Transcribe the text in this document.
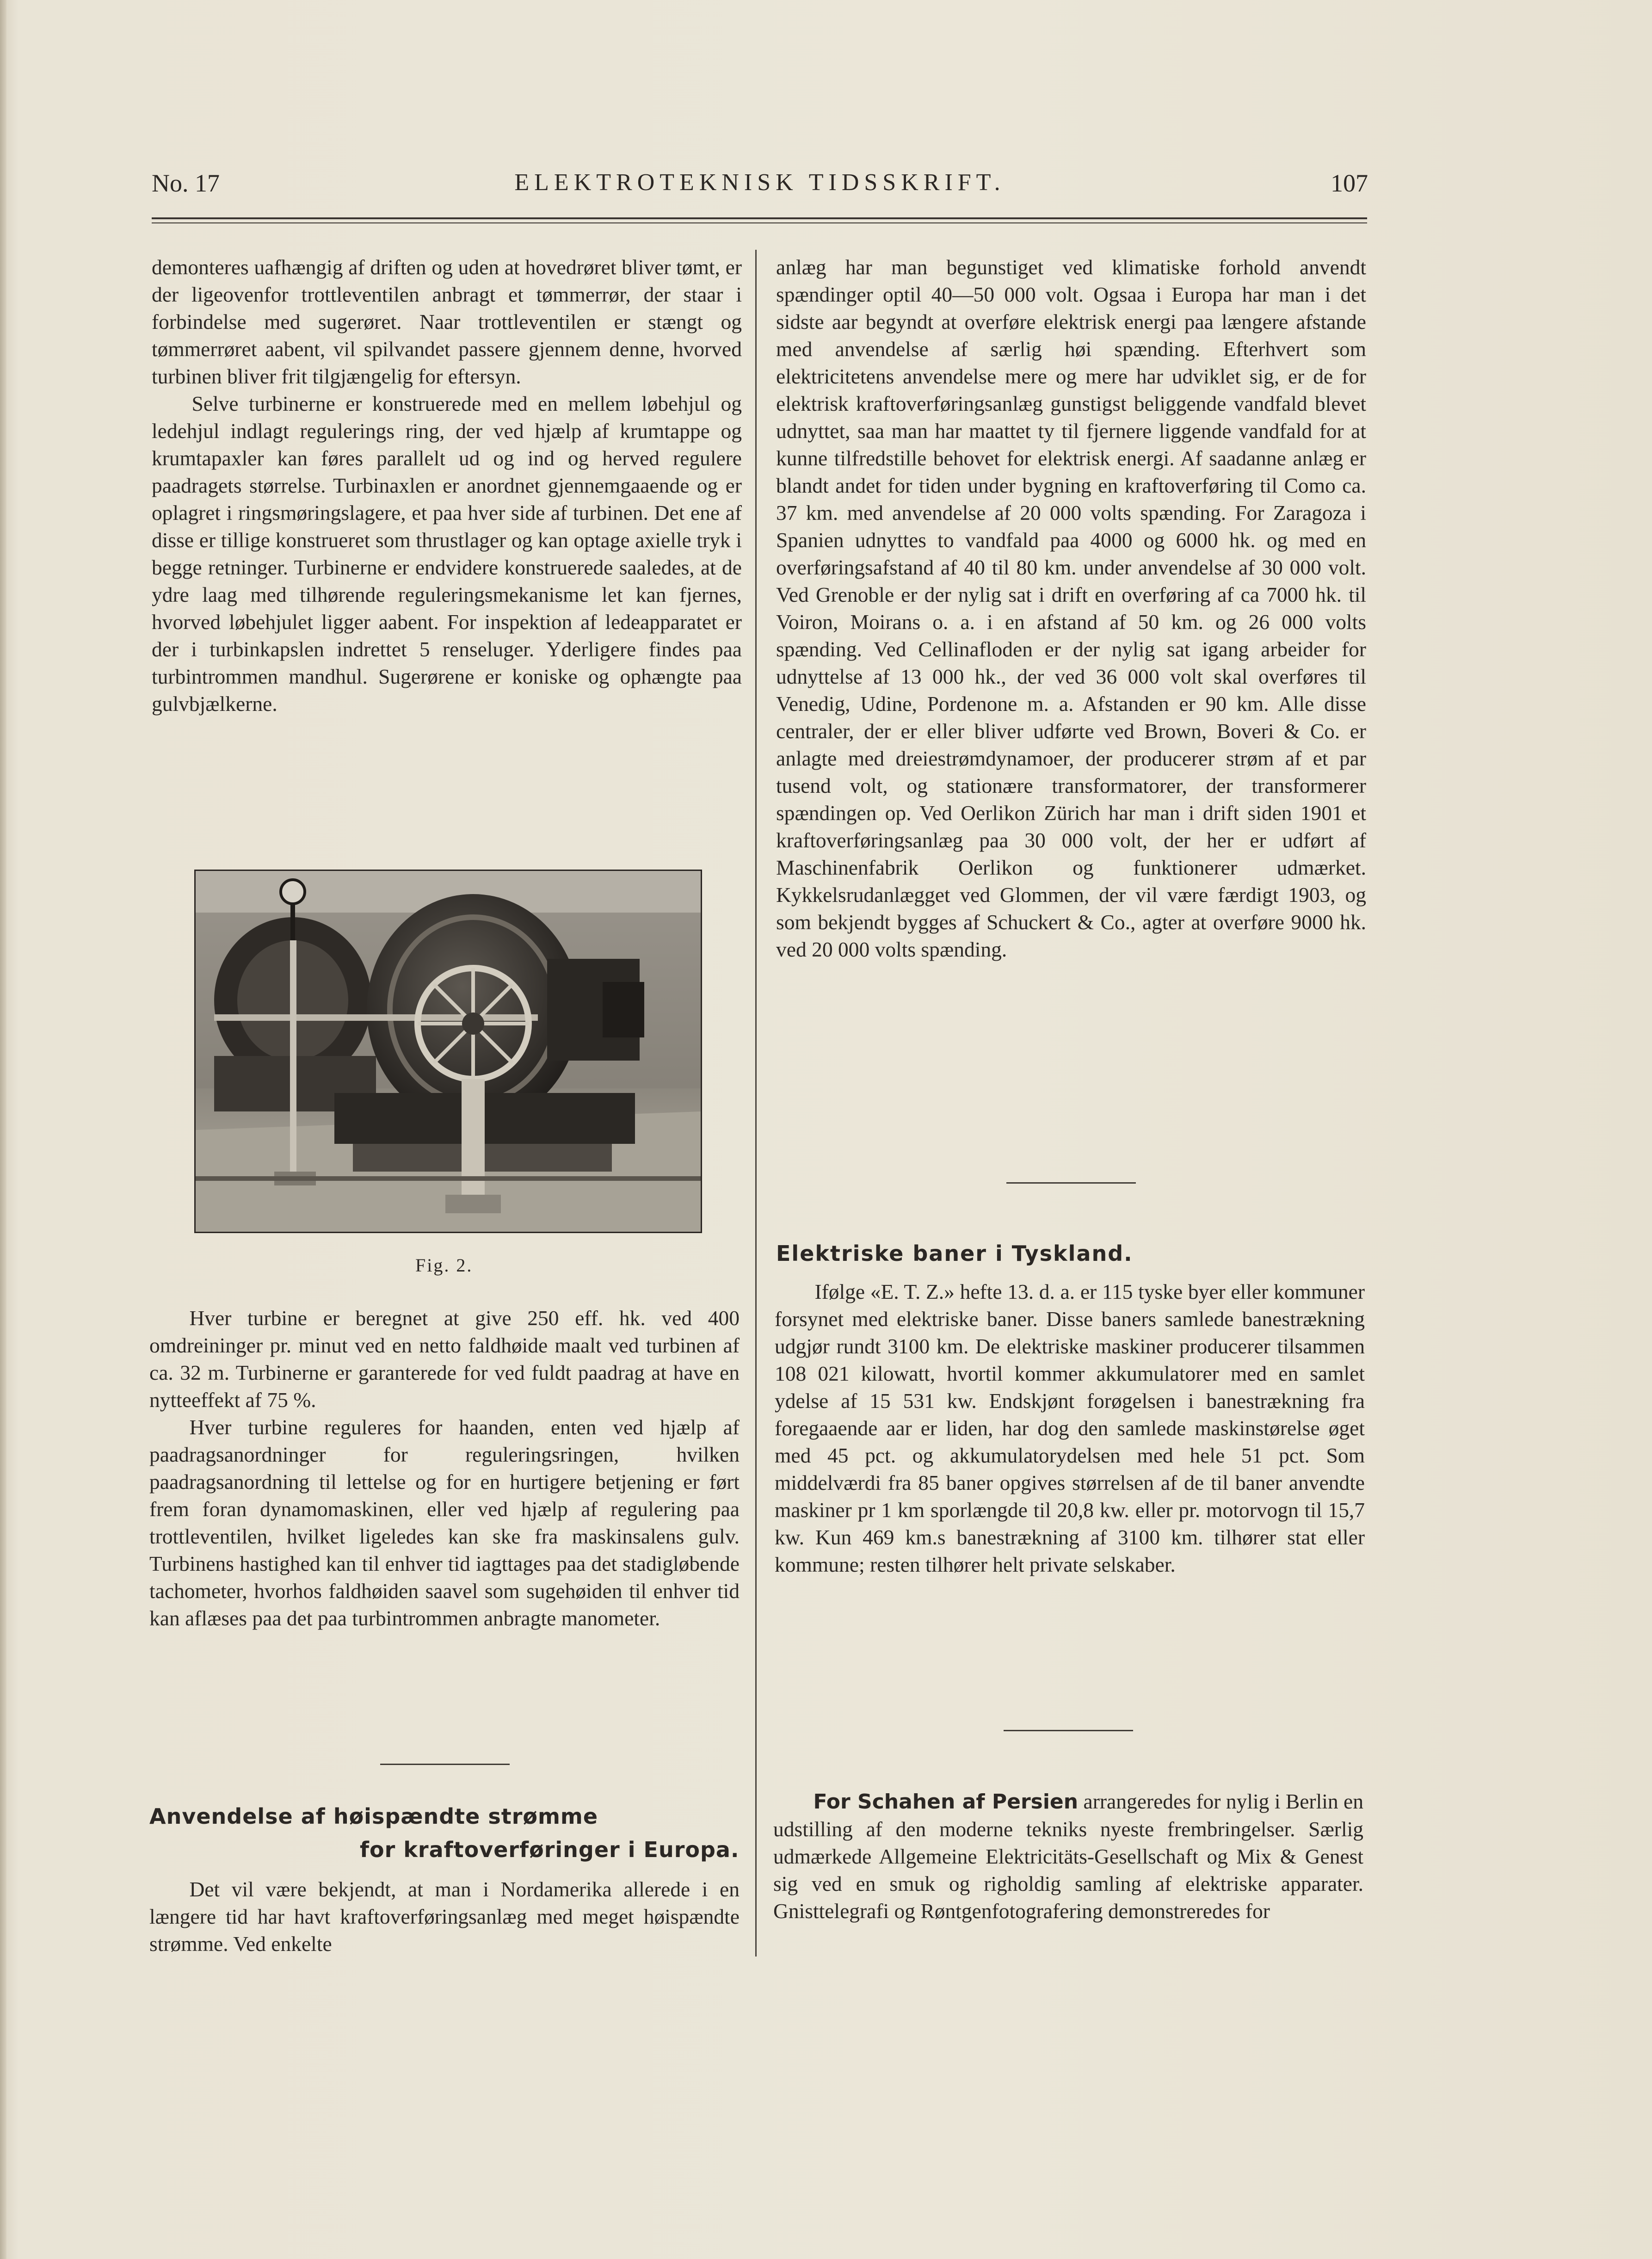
No. 17	ELEKTROTEKNISK TIDSSKRIFT.	107

demonteres uafhængig af driften og uden at hovedrøret bliver tømt, er der ligeovenfor trottleventilen anbragt et tømmerrør, der staar i forbindelse med sugerøret. Naar trottleventilen er stængt og tømmerrøret aabent, vil spilvandet passere gjennem denne, hvorved turbinen bliver frit tilgjængelig for eftersyn.

Selve turbinerne er konstruerede med en mellem løbehjul og ledehjul indlagt regulerings ring, der ved hjælp af krumtappe og krumtapaxler kan føres parallelt ud og ind og herved regulere paadragets størrelse. Turbinaxlen er anordnet gjennemgaaende og er oplagret i ringsmøringslagere, et paa hver side af turbinen. Det ene af disse er tillige konstrueret som thrustlager og kan optage axielle tryk i begge retninger. Turbinerne er endvidere konstruerede saaledes, at de ydre laag med tilhørende reguleringsmekanisme let kan fjernes, hvorved løbehjulet ligger aabent. For inspektion af ledeapparatet er der i turbinkapslen indrettet 5 renseluger. Yderligere findes paa turbintrommen mandhul. Sugerørene er koniske og ophængte paa gulvbjælkerne.

Fig. 2.

Hver turbine er beregnet at give 250 eff. hk. ved 400 omdreininger pr. minut ved en netto faldhøide maalt ved turbinen af ca. 32 m. Turbinerne er garanterede for ved fuldt paadrag at have en nytteeffekt af 75 %.

Hver turbine reguleres for haanden, enten ved hjælp af paadragsanordninger for reguleringsringen, hvilken paadragsanordning til lettelse og for en hurtigere betjening er ført frem foran dynamomaskinen, eller ved hjælp af regulering paa trottleventilen, hvilket ligeledes kan ske fra maskinsalens gulv. Turbinens hastighed kan til enhver tid iagttages paa det stadigløbende tachometer, hvorhos faldhøiden saavel som sugehøiden til enhver tid kan aflæses paa det paa turbintrommen anbragte manometer.

Anvendelse af høispændte strømme
for kraftoverføringer i Europa.

Det vil være bekjendt, at man i Nordamerika allerede i en længere tid har havt kraftoverføringsanlæg med meget høispændte strømme. Ved enkelte

anlæg har man begunstiget ved klimatiske forhold anvendt spændinger optil 40—50 000 volt. Ogsaa i Europa har man i det sidste aar begyndt at overføre elektrisk energi paa længere afstande med anvendelse af særlig høi spænding. Efterhvert som elektricitetens anvendelse mere og mere har udviklet sig, er de for elektrisk kraftoverføringsanlæg gunstigst beliggende vandfald blevet udnyttet, saa man har maattet ty til fjernere liggende vandfald for at kunne tilfredstille behovet for elektrisk energi. Af saadanne anlæg er blandt andet for tiden under bygning en kraftoverføring til Como ca. 37 km. med anvendelse af 20 000 volts spænding. For Zaragoza i Spanien udnyttes to vandfald paa 4000 og 6000 hk. og med en overføringsafstand af 40 til 80 km. under anvendelse af 30 000 volt. Ved Grenoble er der nylig sat i drift en overføring af ca 7000 hk. til Voiron, Moirans o. a. i en afstand af 50 km. og 26 000 volts spænding. Ved Cellinafloden er der nylig sat igang arbeider for udnyttelse af 13 000 hk., der ved 36 000 volt skal overføres til Venedig, Udine, Pordenone m. a. Afstanden er 90 km. Alle disse centraler, der er eller bliver udførte ved Brown, Boveri & Co. er anlagte med dreiestrømdynamoer, der producerer strøm af et par tusend volt, og stationære transformatorer, der transformerer spændingen op. Ved Oerlikon Zürich har man i drift siden 1901 et kraftoverføringsanlæg paa 30 000 volt, der her er udført af Maschinenfabrik Oerlikon og funktionerer udmærket. Kykkelsrudanlægget ved Glommen, der vil være færdigt 1903, og som bekjendt bygges af Schuckert & Co., agter at overføre 9000 hk. ved 20 000 volts spænding.

Elektriske baner i Tyskland.

Ifølge «E. T. Z.» hefte 13. d. a. er 115 tyske byer eller kommuner forsynet med elektriske baner. Disse baners samlede banestrækning udgjør rundt 3100 km. De elektriske maskiner producerer tilsammen 108 021 kilowatt, hvortil kommer akkumulatorer med en samlet ydelse af 15 531 kw. Endskjønt forøgelsen i banestrækning fra foregaaende aar er liden, har dog den samlede maskinstørelse øget med 45 pct. og akkumulatorydelsen med hele 51 pct. Som middelværdi fra 85 baner opgives størrelsen af de til baner anvendte maskiner pr 1 km sporlængde til 20,8 kw. eller pr. motorvogn til 15,7 kw. Kun 469 km.s banestrækning af 3100 km. tilhører stat eller kommune; resten tilhører helt private selskaber.

For Schahen af Persien arrangeredes for nylig i Berlin en udstilling af den moderne tekniks nyeste frembringelser. Særlig udmærkede Allgemeine Elektricitäts-Gesellschaft og Mix & Genest sig ved en smuk og righoldig samling af elektriske apparater. Gnisttelegrafi og Røntgenfotografering demonstreredes for
